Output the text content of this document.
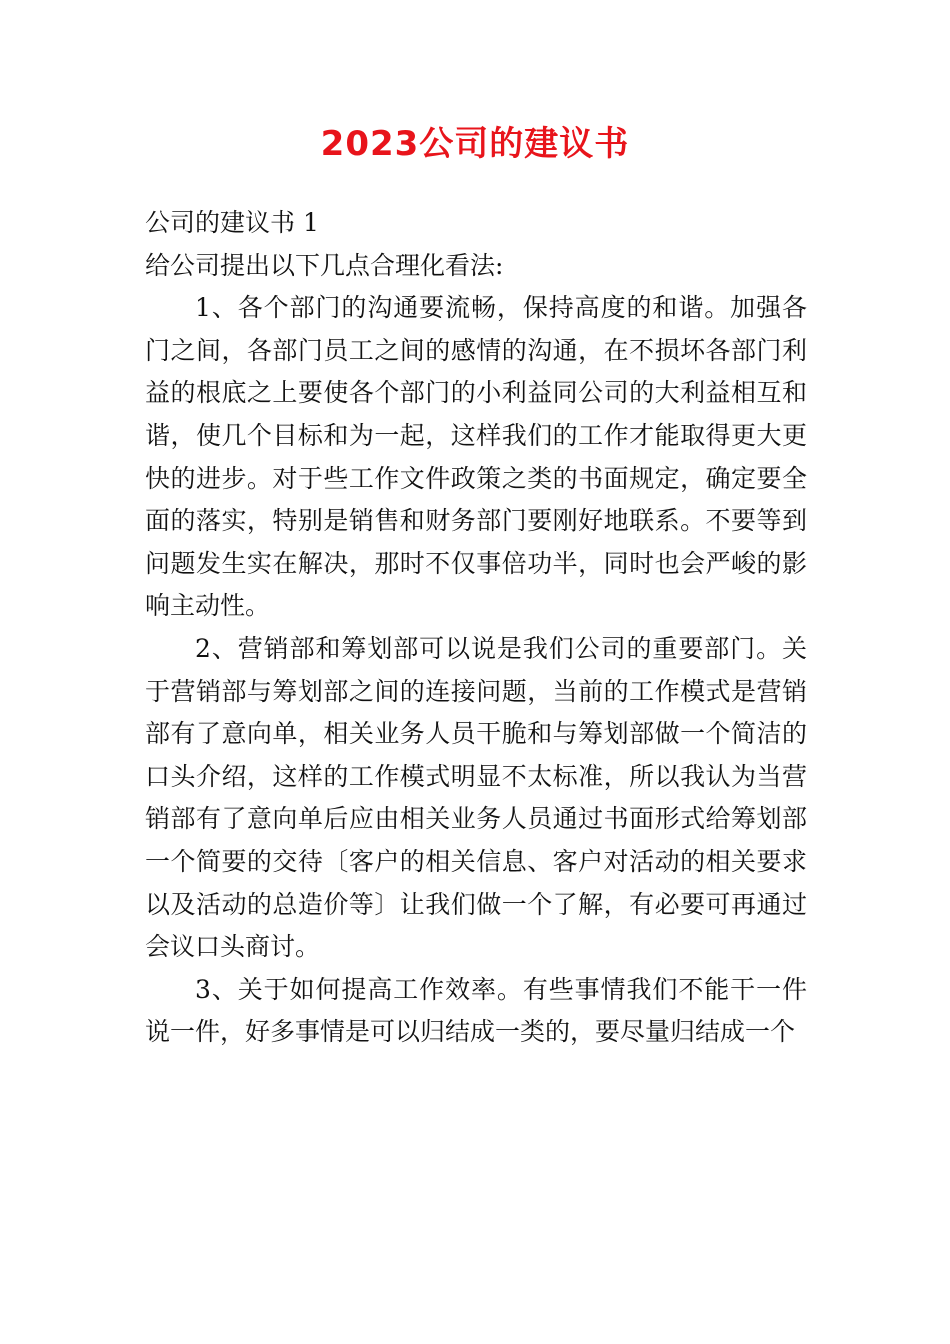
2023公司的建议书

公司的建议书 1

给公司提出以下几点合理化看法:

1、各个部门的沟通要流畅，保持高度的和谐。加强各门之间，各部门员工之间的感情的沟通，在不损坏各部门利益的根底之上要使各个部门的小利益同公司的大利益相互和谐，使几个目标和为一起，这样我们的工作才能取得更大更快的进步。对于些工作文件政策之类的书面规定，确定要全面的落实，特别是销售和财务部门要刚好地联系。不要等到问题发生实在解决，那时不仅事倍功半，同时也会严峻的影响主动性。

2、营销部和筹划部可以说是我们公司的重要部门。关于营销部与筹划部之间的连接问题，当前的工作模式是营销部有了意向单，相关业务人员干脆和与筹划部做一个简洁的口头介绍，这样的工作模式明显不太标准，所以我认为当营销部有了意向单后应由相关业务人员通过书面形式给筹划部一个简要的交待〔客户的相关信息、客户对活动的相关要求以及活动的总造价等〕让我们做一个了解，有必要可再通过会议口头商讨。

3、关于如何提高工作效率。有些事情我们不能干一件说一件，好多事情是可以归结成一类的，要尽量归结成一个
